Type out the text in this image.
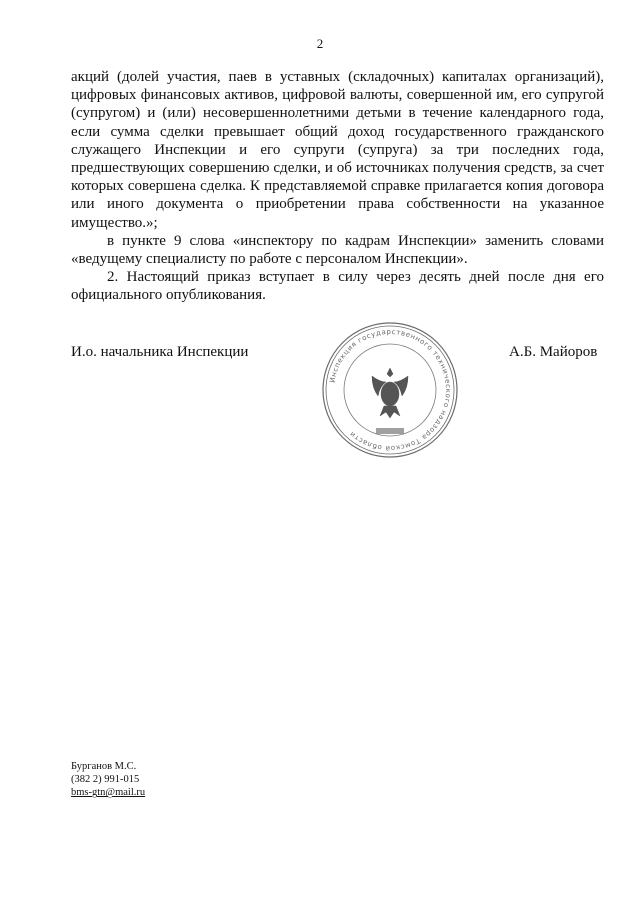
2

акций (долей участия, паев в уставных (складочных) капиталах организаций), цифровых финансовых активов, цифровой валюты, совершенной им, его супругой (супругом) и (или) несовершеннолетними детьми в течение календарного года, если сумма сделки превышает общий доход государственного гражданского служащего Инспекции и его супруги (супруга) за три последних года, предшествующих совершению сделки, и об источниках получения средств, за счет которых совершена сделка. К представляемой справке прилагается копия договора или иного документа о приобретении права собственности на указанное имущество.»;

в пункте 9 слова «инспектору по кадрам Инспекции» заменить словами «ведущему специалисту по работе с персоналом Инспекции».

2. Настоящий приказ вступает в силу через десять дней после дня его официального опубликования.

И.о. начальника Инспекции
Инспекция государственного технического надзора Томской области
А.Б. Майоров
Бурганов М.С.
(382 2) 991-015
bms-gtn@mail.ru
